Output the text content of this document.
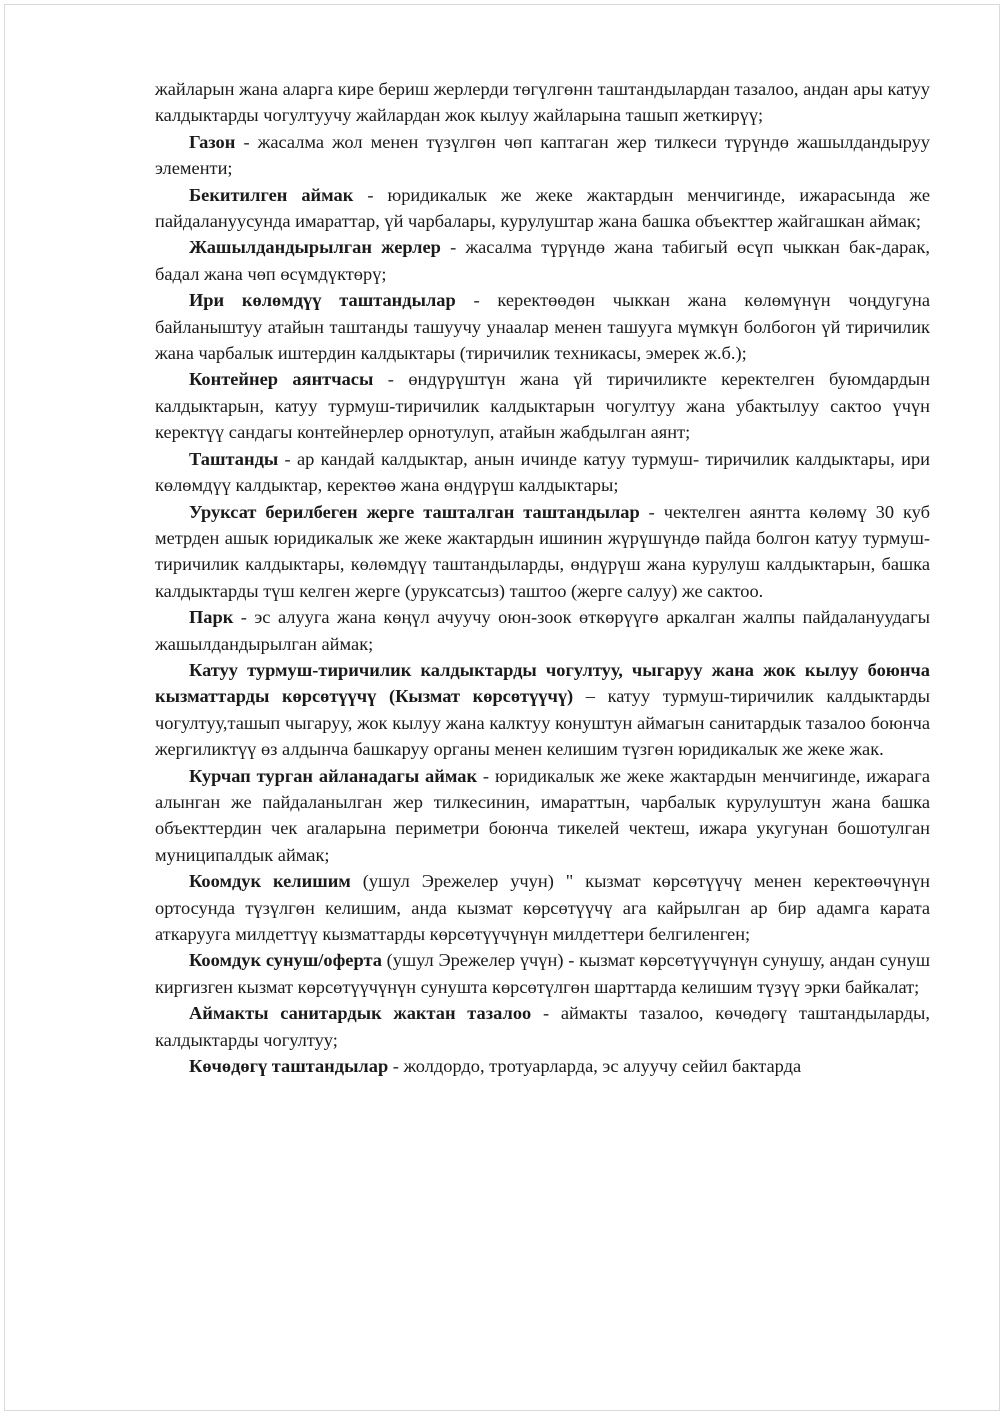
жайларын жана аларга кире бериш жерлерди төгүлгөнн таштандылардан тазалоо, андан ары катуу калдыктарды чогултуучу жайлардан жок кылуу жайларына ташып жеткирүү;

Газон - жасалма жол менен түзүлгөн чөп каптаган жер тилкеси түрүндө жашылдандыруу элементи;

Бекитилген аймак - юридикалык же жеке жактардын менчигинде, ижарасында же пайдалануусунда имараттар, үй чарбалары, курулуштар жана башка объекттер жайгашкан аймак;

Жашылдандырылган жерлер - жасалма түрүндө жана табигый өсүп чыккан бак-дарак, бадал жана чөп өсүмдүктөрү;

Ири көлөмдүү таштандылар - керектөөдөн чыккан жана көлөмүнүн чоңдугуна байланыштуу атайын таштанды ташуучу унаалар менен ташууга мүмкүн болбогон үй тиричилик жана чарбалык иштердин калдыктары (тиричилик техникасы, эмерек ж.б.);

Контейнер аянтчасы - өндүрүштүн жана үй тиричиликте керектелген буюмдардын калдыктарын, катуу турмуш-тиричилик калдыктарын чогултуу жана убактылуу сактоо үчүн керектүү сандагы контейнерлер орнотулуп, атайын жабдылган аянт;

Таштанды - ар кандай калдыктар, анын ичинде катуу турмуш- тиричилик калдыктары, ири көлөмдүү калдыктар, керектөө жана өндүрүш калдыктары;

Уруксат берилбеген жерге ташталган таштандылар - чектелген аянтта көлөмү 30 куб метрден ашык юридикалык же жеке жактардын ишинин жүрүшүндө пайда болгон катуу турмуш-тиричилик калдыктары, көлөмдүү таштандыларды, өндүрүш жана курулуш калдыктарын, башка калдыктарды түш келген жерге (уруксатсыз) таштоо (жерге салуу) же сактоо.

Парк - эс алууга жана көңүл ачуучу оюн-зоок өткөрүүгө аркалган жалпы пайдалануудагы жашылдандырылган аймак;

Катуу турмуш-тиричилик калдыктарды чогултуу, чыгаруу жана жок кылуу боюнча кызматтарды көрсөтүүчү (Кызмат көрсөтүүчү) – катуу турмуш-тиричилик калдыктарды чогултуу,ташып чыгаруу, жок кылуу жана калктуу конуштун аймагын санитардык тазалоо боюнча жергиликтүү өз алдынча башкаруу органы менен келишим түзгөн юридикалык же жеке жак.

Курчап турган айланадагы аймак - юридикалык же жеке жактардын менчигинде, ижарага алынган же пайдаланылган жер тилкесинин, имараттын, чарбалык курулуштун жана башка объекттердин чек araларына периметри боюнча тикелей чектеш, ижара укугунан бошотулган муниципалдык аймак;

Коомдук келишим (ушул Эрежелер учун) " кызмат көрсөтүүчү менен керектөөчүнүн ортосунда түзүлгөн келишим, анда кызмат көрсөтүүчү ага кайрылган ар бир адамга карата аткарууга милдеттүү кызматтарды көрсөтүүчүнүн милдеттери белгиленген;

Коомдук сунуш/оферта (ушул Эрежелер үчүн) - кызмат көрсөтүүчүнүн сунушу, андан сунуш киргизген кызмат көрсөтүүчүнүн сунушта көрсөтүлгөн шарттарда келишим түзүү эрки байкалат;

Аймакты санитардык жактан тазалоо - аймакты тазалоо, көчөдөгү таштандыларды, калдыктарды чогултуу;

Көчөдөгү таштандылар - жолдордо, тротуарларда, эс алуучу сейил бактарда
